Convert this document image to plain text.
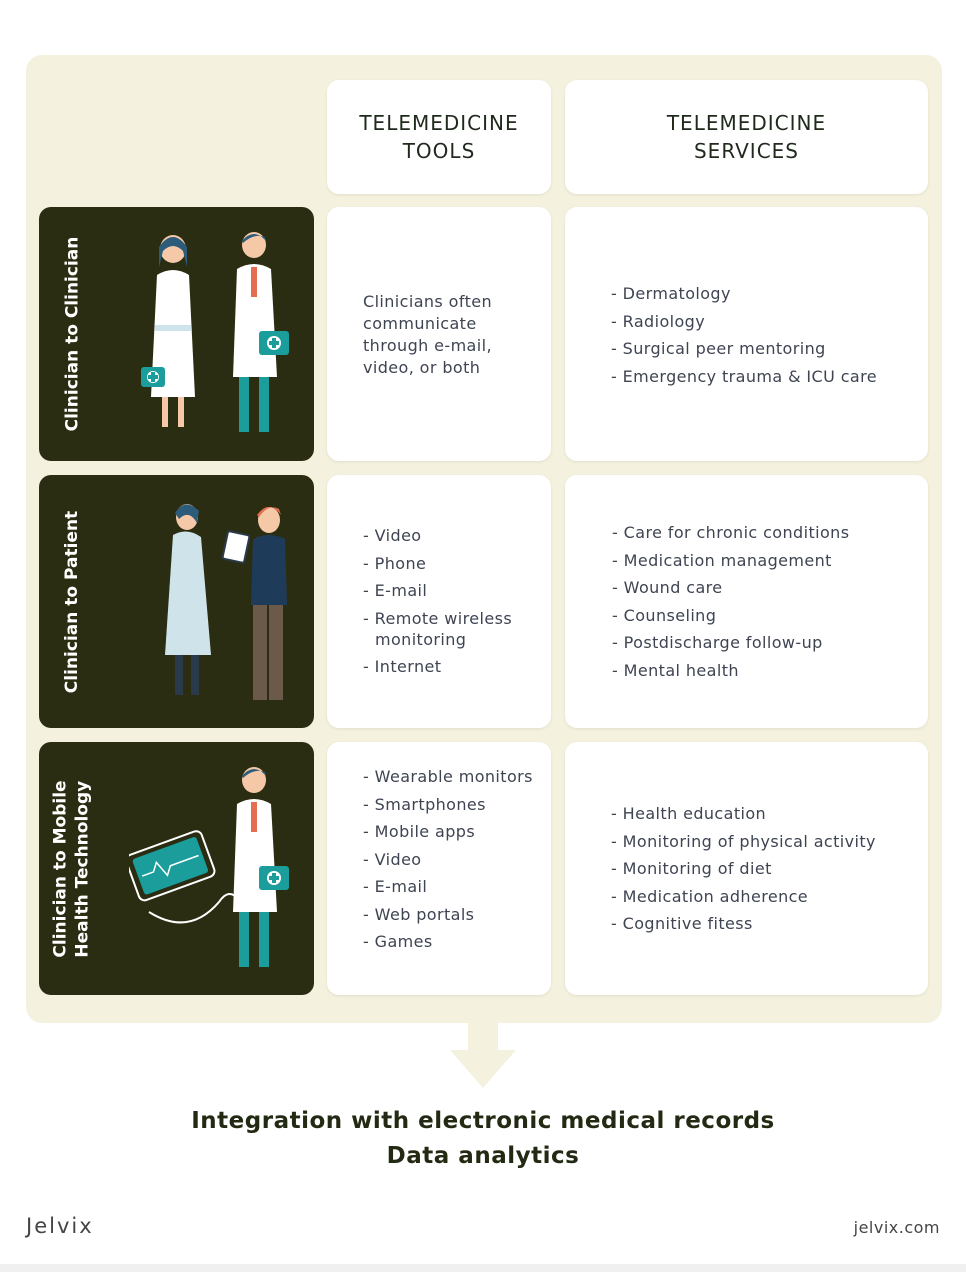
TELEMEDICINE
TOOLS
TELEMEDICINE
SERVICES
Clinician to Clinician	Clinicians often communicate through e-mail, video, or both
- Dermatology
- Radiology
- Surgical peer mentoring
- Emergency trauma & ICU care
Clinician to Patient
-	Video
- Phone
- E-mail
- Remote wireless monitoring
- Internet
- Care for chronic conditions
- Medication management
- Wound care
- Counseling
- Postdischarge follow-up
- Mental health
Clinician to Mobile Health Technology
- Wearable monitors
- Smartphones
- Mobile apps
- Video
- E-mail
- Web portals
- Games
- Health education
- Monitoring of physical activity
- Monitoring of diet
- Medication adherence
- Cognitive fitess
Integration with electronic medical records
Data analytics
Jelvix	jelvix.com
